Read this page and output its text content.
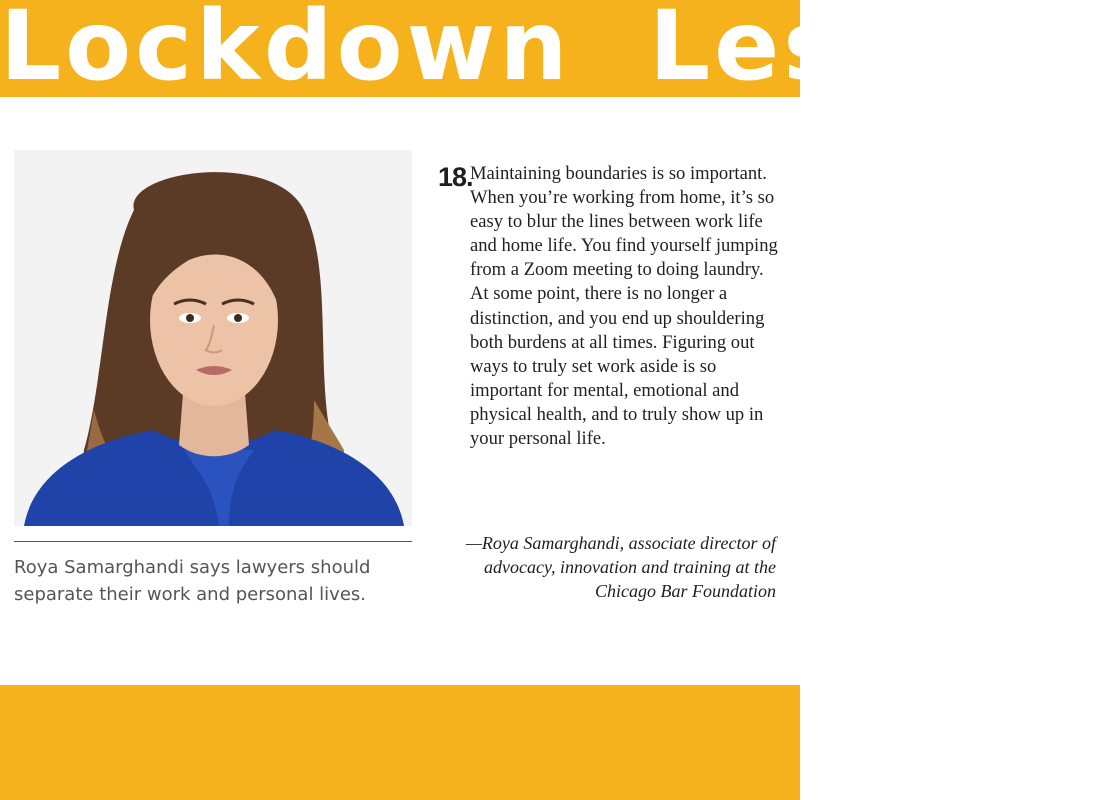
Lockdown Lessons
Roya Samarghandi says lawyers should separate their work and personal lives.
18.
Maintaining boundaries is so important. When you’re working from home, it’s so easy to blur the lines between work life and home life. You find yourself jumping from a Zoom meeting to doing laundry. At some point, there is no longer a distinction, and you end up shouldering both burdens at all times. Figuring out ways to truly set work aside is so important for mental, emotional and physical health, and to truly show up in your personal life.
—Roya Samarghandi, associate director of advocacy, innovation and training at the Chicago Bar Foundation
